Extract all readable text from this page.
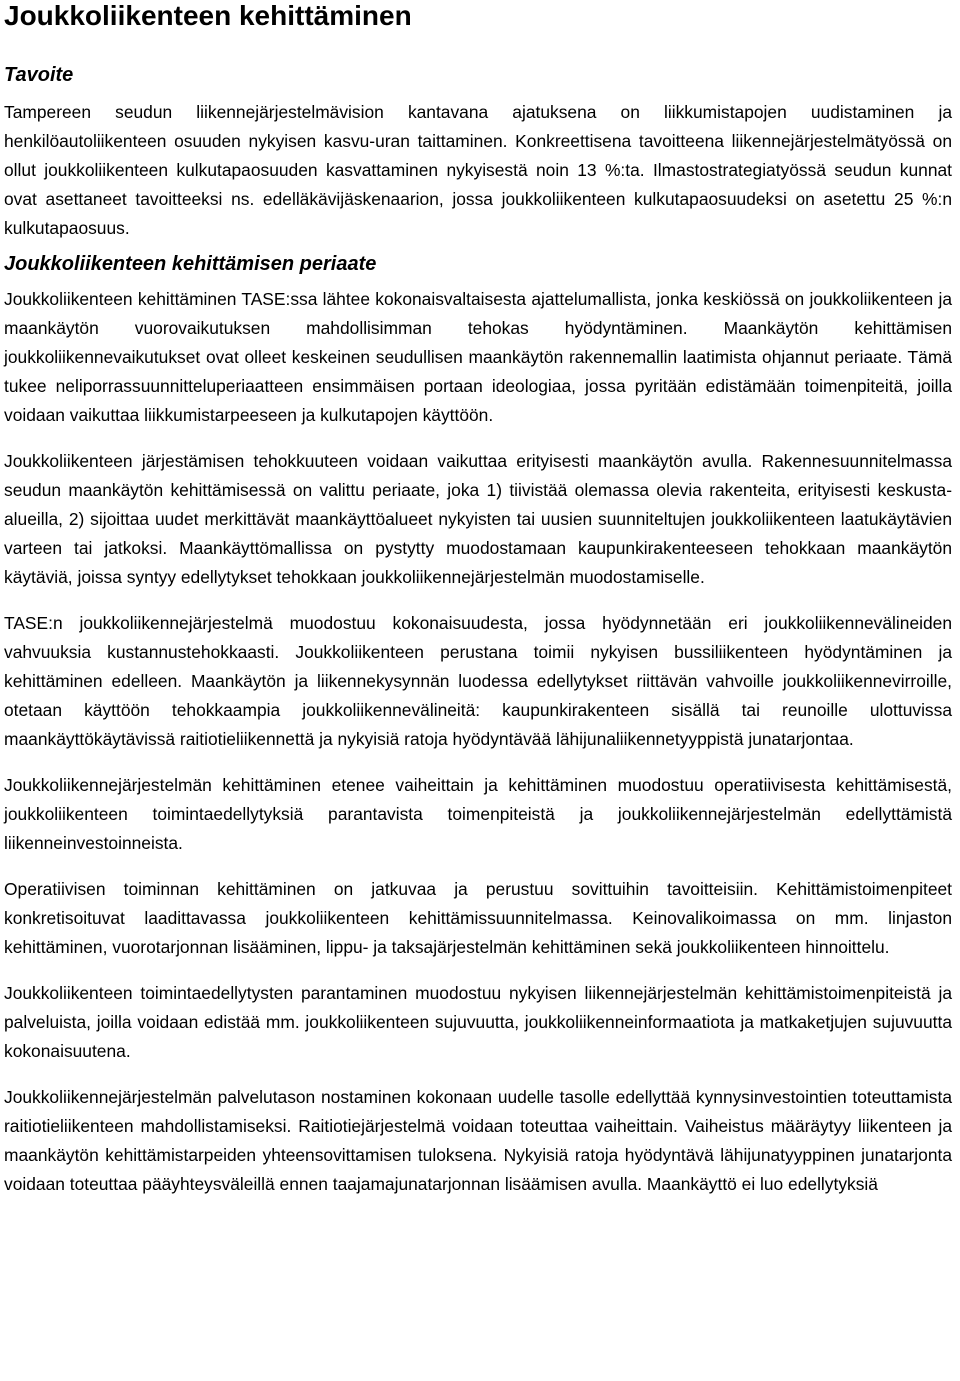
Joukkoliikenteen kehittäminen
Tavoite

Tampereen seudun liikennejärjestelmävision kantavana ajatuksena on liikkumistapojen uudistaminen ja henkilöautoliikenteen osuuden nykyisen kasvu-uran taittaminen. Konkreettisena tavoitteena liikennejärjestelmätyössä on ollut joukkoliikenteen kulkutapaosuuden kasvattaminen nykyisestä noin 13 %:ta. Ilmastostrategiatyössä seudun kunnat ovat asettaneet tavoitteeksi ns. edelläkävijäskenaarion, jossa joukkoliikenteen kulkutapaosuudeksi on asetettu 25 %:n kulkutapaosuus.

Joukkoliikenteen kehittämisen periaate

Joukkoliikenteen kehittäminen TASE:ssa lähtee kokonaisvaltaisesta ajattelumallista, jonka keskiössä on joukkoliikenteen ja maankäytön vuorovaikutuksen mahdollisimman tehokas hyödyntäminen. Maankäytön kehittämisen joukkoliikennevaikutukset ovat olleet keskeinen seudullisen maankäytön rakennemallin laatimista ohjannut periaate. Tämä tukee neliporrassuunnitteluperiaatteen ensimmäisen portaan ideologiaa, jossa pyritään edistämään toimenpiteitä, joilla voidaan vaikuttaa liikkumistarpeeseen ja kulkutapojen käyttöön.

Joukkoliikenteen järjestämisen tehokkuuteen voidaan vaikuttaa erityisesti maankäytön avulla. Rakennesuunnitelmassa seudun maankäytön kehittämisessä on valittu periaate, joka 1) tiivistää olemassa olevia rakenteita, erityisesti keskusta-alueilla, 2) sijoittaa uudet merkittävät maankäyttöalueet nykyisten tai uusien suunniteltujen joukkoliikenteen laatukäytävien varteen tai jatkoksi. Maankäyttömallissa on pystytty muodostamaan kaupunkirakenteeseen tehokkaan maankäytön käytäviä, joissa syntyy edellytykset tehokkaan joukkoliikennejärjestelmän muodostamiselle.

TASE:n joukkoliikennejärjestelmä muodostuu kokonaisuudesta, jossa hyödynnetään eri joukkoliikennevälineiden vahvuuksia kustannustehokkaasti. Joukkoliikenteen perustana toimii nykyisen bussiliikenteen hyödyntäminen ja kehittäminen edelleen. Maankäytön ja liikennekysynnän luodessa edellytykset riittävän vahvoille joukkoliikennevirroille, otetaan käyttöön tehokkaampia joukkoliikennevälineitä: kaupunkirakenteen sisällä tai reunoille ulottuvissa maankäyttökäytävissä raitiotieliikennettä ja nykyisiä ratoja hyödyntävää lähijunaliikennetyyppistä junatarjontaa.

Joukkoliikennejärjestelmän kehittäminen etenee vaiheittain ja kehittäminen muodostuu operatiivisesta kehittämisestä, joukkoliikenteen toimintaedellytyksiä parantavista toimenpiteistä ja joukkoliikennejärjestelmän edellyttämistä liikenneinvestoinneista.

Operatiivisen toiminnan kehittäminen on jatkuvaa ja perustuu sovittuihin tavoitteisiin. Kehittämistoimenpiteet konkretisoituvat laadittavassa joukkoliikenteen kehittämissuunnitelmassa. Keinovalikoimassa on mm. linjaston kehittäminen, vuorotarjonnan lisääminen, lippu- ja taksajärjestelmän kehittäminen sekä joukkoliikenteen hinnoittelu.

Joukkoliikenteen toimintaedellytysten parantaminen muodostuu nykyisen liikennejärjestelmän kehittämistoimenpiteistä ja palveluista, joilla voidaan edistää mm. joukkoliikenteen sujuvuutta, joukkoliikenneinformaatiota ja matkaketjujen sujuvuutta kokonaisuutena.

Joukkoliikennejärjestelmän palvelutason nostaminen kokonaan uudelle tasolle edellyttää kynnysinvestointien toteuttamista raitiotieliikenteen mahdollistamiseksi. Raitiotiejärjestelmä voidaan toteuttaa vaiheittain. Vaiheistus määräytyy liikenteen ja maankäytön kehittämistarpeiden yhteensovittamisen tuloksena. Nykyisiä ratoja hyödyntävä lähijunatyyppinen junatarjonta voidaan toteuttaa pääyhteysväleillä ennen taajamajunatarjonnan lisäämisen avulla. Maankäyttö ei luo edellytyksiä
